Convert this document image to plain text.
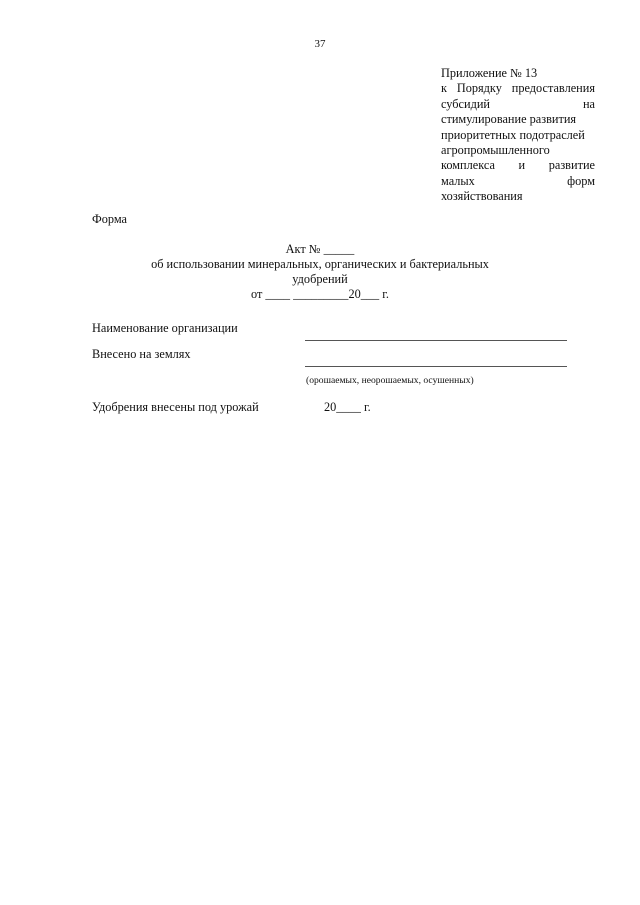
37
Приложение № 13
к Порядку предоставления
субсидий	на
стимулирование развития
приоритетных подотраслей
агропромышленного
комплекса и развитие
малых	форм
хозяйствования
Форма
Акт № _____
об использовании минеральных, органических и бактериальных
удобрений
от ____ _________20___ г.
Наименование организации
Внесено на землях
(орошаемых, неорошаемых, осушенных)
Удобрения внесены под урожай	20____ г.
